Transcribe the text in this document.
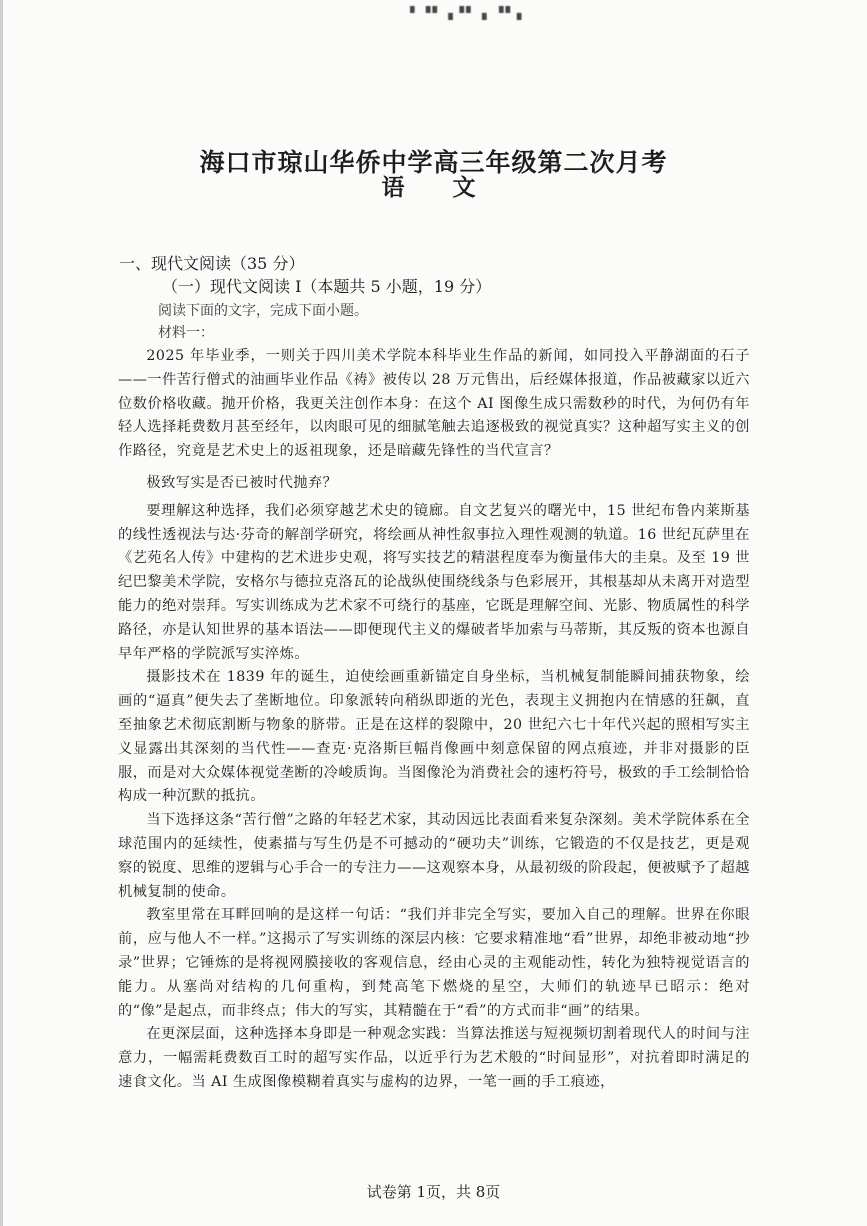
▘▝▘▗▝▘▗ ▝▘▖
海口市琼山华侨中学高三年级第二次月考
语 文
一、现代文阅读（35 分）
（一）现代文阅读 I（本题共 5 小题，19 分）
阅读下面的文字，完成下面小题。
材料一：

2025 年毕业季，一则关于四川美术学院本科毕业生作品的新闻，如同投入平静湖面的石子——一件苦行僧式的油画毕业作品《祷》被传以 28 万元售出，后经媒体报道，作品被藏家以近六位数价格收藏。抛开价格，我更关注创作本身：在这个 AI 图像生成只需数秒的时代，为何仍有年轻人选择耗费数月甚至经年，以肉眼可见的细腻笔触去追逐极致的视觉真实？这种超写实主义的创作路径，究竟是艺术史上的返祖现象，还是暗藏先锋性的当代宣言？

极致写实是否已被时代抛弃？

要理解这种选择，我们必须穿越艺术史的镜廊。自文艺复兴的曙光中，15 世纪布鲁内莱斯基的线性透视法与达·芬奇的解剖学研究，将绘画从神性叙事拉入理性观测的轨道。16 世纪瓦萨里在《艺苑名人传》中建构的艺术进步史观，将写实技艺的精湛程度奉为衡量伟大的圭臬。及至 19 世纪巴黎美术学院，安格尔与德拉克洛瓦的论战纵使围绕线条与色彩展开，其根基却从未离开对造型能力的绝对崇拜。写实训练成为艺术家不可绕行的基座，它既是理解空间、光影、物质属性的科学路径，亦是认知世界的基本语法——即便现代主义的爆破者毕加索与马蒂斯，其反叛的资本也源自早年严格的学院派写实淬炼。

摄影技术在 1839 年的诞生，迫使绘画重新锚定自身坐标，当机械复制能瞬间捕获物象，绘画的“逼真”便失去了垄断地位。印象派转向稍纵即逝的光色，表现主义拥抱内在情感的狂飙，直至抽象艺术彻底割断与物象的脐带。正是在这样的裂隙中，20 世纪六七十年代兴起的照相写实主义显露出其深刻的当代性——查克·克洛斯巨幅肖像画中刻意保留的网点痕迹，并非对摄影的臣服，而是对大众媒体视觉垄断的冷峻质询。当图像沦为消费社会的速朽符号，极致的手工绘制恰恰构成一种沉默的抵抗。

当下选择这条“苦行僧”之路的年轻艺术家，其动因远比表面看来复杂深刻。美术学院体系在全球范围内的延续性，使素描与写生仍是不可撼动的“硬功夫”训练，它锻造的不仅是技艺，更是观察的锐度、思维的逻辑与心手合一的专注力——这观察本身，从最初级的阶段起，便被赋予了超越机械复制的使命。

教室里常在耳畔回响的是这样一句话：“我们并非完全写实，要加入自己的理解。世界在你眼前，应与他人不一样。”这揭示了写实训练的深层内核：它要求精准地“看”世界，却绝非被动地“抄录”世界；它锤炼的是将视网膜接收的客观信息，经由心灵的主观能动性，转化为独特视觉语言的能力。从塞尚对结构的几何重构，到梵高笔下燃烧的星空，大师们的轨迹早已昭示：绝对的“像”是起点，而非终点；伟大的写实，其精髓在于“看”的方式而非“画”的结果。

在更深层面，这种选择本身即是一种观念实践：当算法推送与短视频切割着现代人的时间与注意力，一幅需耗费数百工时的超写实作品，以近乎行为艺术般的“时间显形”，对抗着即时满足的速食文化。当 AI 生成图像模糊着真实与虚构的边界，一笔一画的手工痕迹，

试卷第 1页，共 8页
